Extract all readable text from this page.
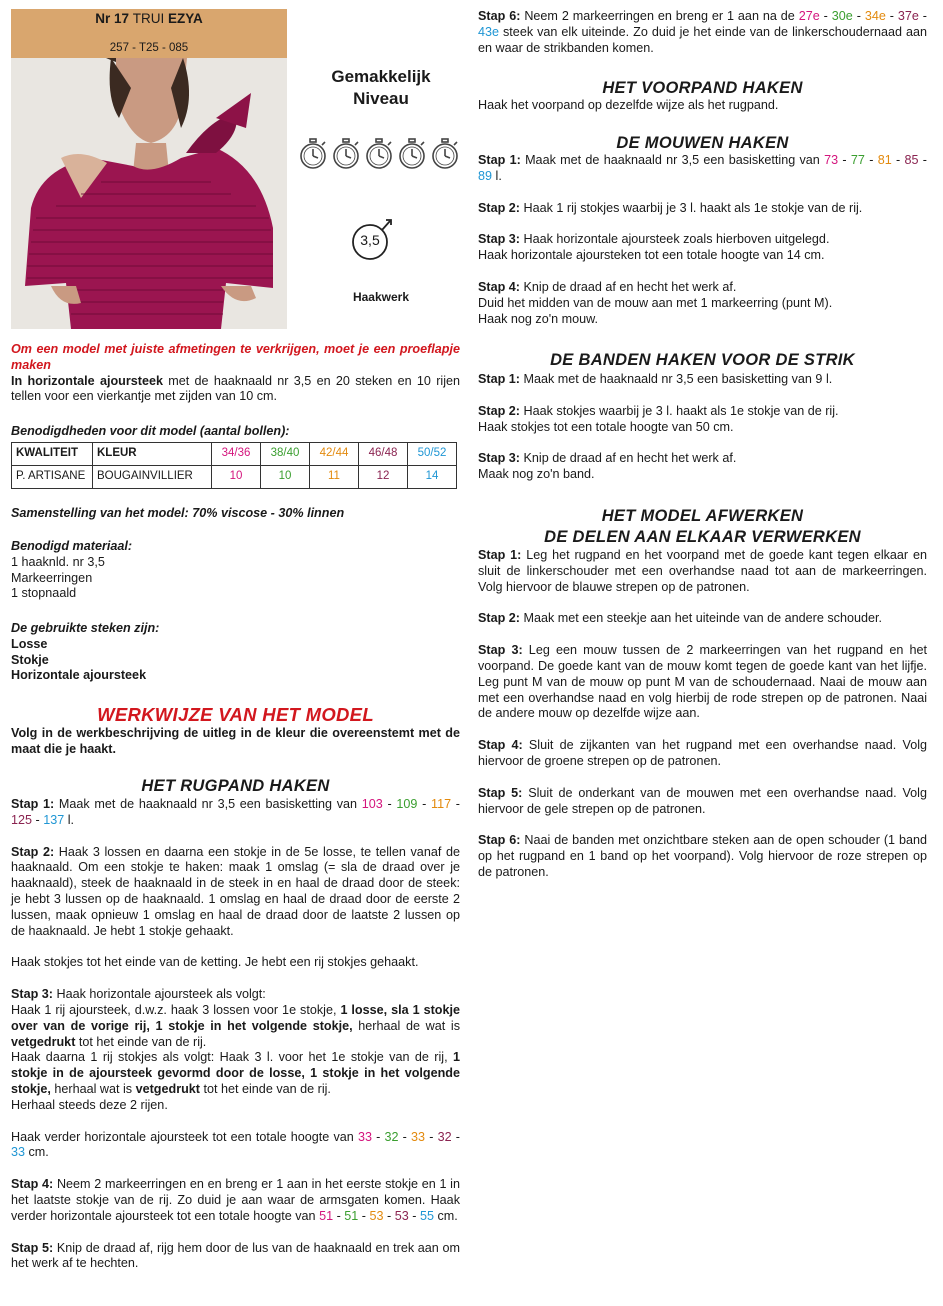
Nr 17 TRUI EZYA
257 - T25 - 085
Gemakkelijk
Niveau
3,5
Haakwerk

Om een model met juiste afmetingen te verkrijgen, moet je een proeflapje maken

In horizontale ajoursteek met de haaknaald nr 3,5 en 20 steken en 10 rijen tellen voor een vierkantje met zijden van 10 cm.

Benodigdheden voor dit model (aantal bollen):
KWALITEIT	KLEUR	34/36	38/40	42/44	46/48	50/52
P. ARTISANE	BOUGAINVILLIER	10	10	11	12	14
Samenstelling van het model: 70% viscose - 30% linnen
Benodigd materiaal:
1 haaknld. nr 3,5
Markeerringen
1 stopnaald
De gebruikte steken zijn:
Losse
Stokje
Horizontale ajoursteek
WERKWIJZE VAN HET MODEL

Volg in de werkbeschrijving de uitleg in de kleur die overeenstemt met de maat die je haakt.

HET RUGPAND HAKEN

Stap 1: Maak met de haaknaald nr 3,5 een basisketting van 103 - 109 - 117 - 125 - 137 l.

Stap 2: Haak 3 lossen en daarna een stokje in de 5e losse, te tellen vanaf de haaknaald. Om een stokje te haken: maak 1 omslag (= sla de draad over je haaknaald), steek de haaknaald in de steek in en haal de draad door de steek: je hebt 3 lussen op de haaknaald. 1 omslag en haal de draad door de eerste 2 lussen, maak opnieuw 1 omslag en haal de draad door de laatste 2 lussen op de haaknaald. Je hebt 1 stokje gehaakt.

Haak stokjes tot het einde van de ketting. Je hebt een rij stokjes gehaakt.

Stap 3: Haak horizontale ajoursteek als volgt:

Haak 1 rij ajoursteek, d.w.z. haak 3 lossen voor 1e stokje, 1 losse, sla 1 stokje over van de vorige rij, 1 stokje in het volgende stokje, herhaal de wat is vetgedrukt tot het einde van de rij.

Haak daarna 1 rij stokjes als volgt: Haak 3 l. voor het 1e stokje van de rij, 1 stokje in de ajoursteek gevormd door de losse, 1 stokje in het volgende stokje, herhaal wat is vetgedrukt tot het einde van de rij.

Herhaal steeds deze 2 rijen.

Haak verder horizontale ajoursteek tot een totale hoogte van 33 - 32 - 33 - 32 - 33 cm.

Stap 4: Neem 2 markeerringen en en breng er 1 aan in het eerste stokje en 1 in het laatste stokje van de rij. Zo duid je aan waar de armsgaten komen. Haak verder horizontale ajoursteek tot een totale hoogte van 51 - 51 - 53 - 53 - 55 cm.

Stap 5: Knip de draad af, rijg hem door de lus van de haaknaald en trek aan om het werk af te hechten.

Stap 6: Neem 2 markeerringen en breng er 1 aan na de 27e - 30e - 34e - 37e - 43e steek van elk uiteinde. Zo duid je het einde van de linkerschoudernaad aan en waar de strikbanden komen.

HET VOORPAND HAKEN
Haak het voorpand op dezelfde wijze als het rugpand.
DE MOUWEN HAKEN

Stap 1: Maak met de haaknaald nr 3,5 een basisketting van 73 - 77 - 81 - 85 - 89 l.

Stap 2: Haak 1 rij stokjes waarbij je 3 l. haakt als 1e stokje van de rij.

Stap 3: Haak horizontale ajoursteek zoals hierboven uitgelegd.

Haak horizontale ajoursteken tot een totale hoogte van 14 cm.

Stap 4: Knip de draad af en hecht het werk af.

Duid het midden van de mouw aan met 1 markeerring (punt M).

Haak nog zo'n mouw.

DE BANDEN HAKEN VOOR DE STRIK

Stap 1: Maak met de haaknaald nr 3,5 een basisketting van 9 l.

Stap 2: Haak stokjes waarbij je 3 l. haakt als 1e stokje van de rij.

Haak stokjes tot een totale hoogte van 50 cm.

Stap 3: Knip de draad af en hecht het werk af.

Maak nog zo'n band.

HET MODEL AFWERKEN
DE DELEN AAN ELKAAR VERWERKEN

Stap 1: Leg het rugpand en het voorpand met de goede kant tegen elkaar en sluit de linkerschouder met een overhandse naad tot aan de markeerringen. Volg hiervoor de blauwe strepen op de patronen.

Stap 2: Maak met een steekje aan het uiteinde van de andere schouder.

Stap 3: Leg een mouw tussen de 2 markeerringen van het rugpand en het voorpand. De goede kant van de mouw komt tegen de goede kant van het lijfje. Leg punt M van de mouw op punt M van de schoudernaad. Naai de mouw aan met een overhandse naad en volg hierbij de rode strepen op de patronen. Naai de andere mouw op dezelfde wijze aan.

Stap 4: Sluit de zijkanten van het rugpand met een overhandse naad. Volg hiervoor de groene strepen op de patronen.

Stap 5: Sluit de onderkant van de mouwen met een overhandse naad. Volg hiervoor de gele strepen op de patronen.

Stap 6: Naai de banden met onzichtbare steken aan de open schouder (1 band op het rugpand en 1 band op het voorpand). Volg hiervoor de roze strepen op de patronen.
